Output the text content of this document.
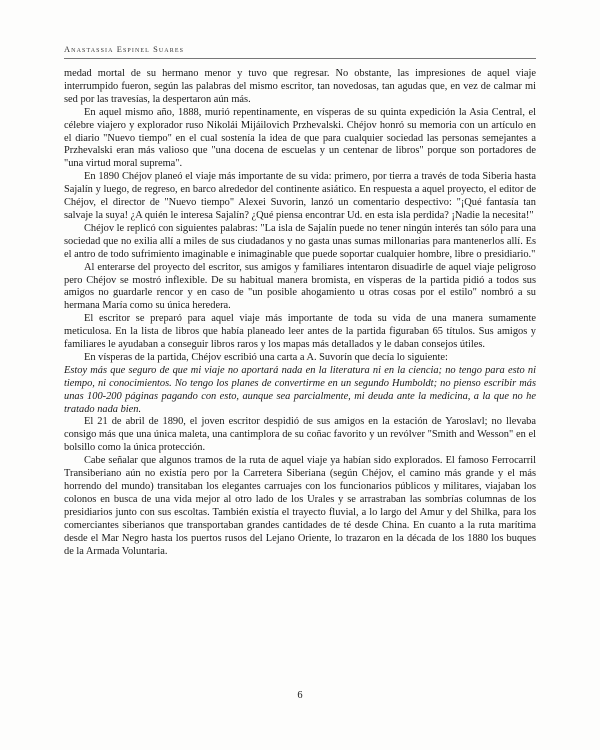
Anastassia Espinel Suares

medad mortal de su hermano menor y tuvo que regresar. No obstante, las impresiones de aquel viaje interrumpido fueron, según las palabras del mismo escritor, tan novedosas, tan agudas que, en vez de calmar mi sed por las travesías, la despertaron aún más.

En aquel mismo año, 1888, murió repentinamente, en vísperas de su quinta expedición la Asia Central, el célebre viajero y explorador ruso Nikolái Mijáilovich Przhevalski. Chéjov honró su memoria con un artículo en el diario "Nuevo tiempo" en el cual sostenía la idea de que para cualquier sociedad las personas semejantes a Przhevalski eran más valioso que "una docena de escuelas y un centenar de libros" porque son portadores de "una virtud moral suprema".

En 1890 Chéjov planeó el viaje más importante de su vida: primero, por tierra a través de toda Siberia hasta Sajalín y luego, de regreso, en barco alrededor del continente asiático. En respuesta a aquel proyecto, el editor de Chéjov, el director de "Nuevo tiempo" Alexei Suvorin, lanzó un comentario despectivo: "¡Qué fantasía tan salvaje la suya! ¿A quién le interesa Sajalín? ¿Qué piensa encontrar Ud. en esta isla perdida? ¡Nadie la necesita!"

Chéjov le replicó con siguientes palabras: "La isla de Sajalín puede no tener ningún interés tan sólo para una sociedad que no exilia allí a miles de sus ciudadanos y no gasta unas sumas millonarias para mantenerlos allí. Es el antro de todo sufrimiento imaginable e inimaginable que puede soportar cualquier hombre, libre o presidiario."

Al enterarse del proyecto del escritor, sus amigos y familiares intentaron disuadirle de aquel viaje peligroso pero Chéjov se mostró inflexible. De su habitual manera bromista, en vísperas de la partida pidió a todos sus amigos no guardarle rencor y en caso de "un posible ahogamiento u otras cosas por el estilo" nombró a su hermana María como su única heredera.

El escritor se preparó para aquel viaje más importante de toda su vida de una manera sumamente meticulosa. En la lista de libros que había planeado leer antes de la partida figuraban 65 títulos. Sus amigos y familiares le ayudaban a conseguir libros raros y los mapas más detallados y le daban consejos útiles.

En vísperas de la partida, Chéjov escribió una carta a A. Suvorín que decía lo siguiente:

Estoy más que seguro de que mi viaje no aportará nada en la literatura ni en la ciencia; no tengo para esto ni tiempo, ni conocimientos. No tengo los planes de convertirme en un segundo Humboldt; no pienso escribir más unas 100-200 páginas pagando con esto, aunque sea parcialmente, mi deuda ante la medicina, a la que no he tratado nada bien.

El 21 de abril de 1890, el joven escritor despidió de sus amigos en la estación de Yaroslavl; no llevaba consigo más que una única maleta, una cantimplora de su coñac favorito y un revólver "Smith and Wesson" en el bolsillo como la única protección.

Cabe señalar que algunos tramos de la ruta de aquel viaje ya habían sido explorados. El famoso Ferrocarril Transiberiano aún no existía pero por la Carretera Siberiana (según Chéjov, el camino más grande y el más horrendo del mundo) transitaban los elegantes carruajes con los funcionarios públicos y militares, viajaban los colonos en busca de una vida mejor al otro lado de los Urales y se arrastraban las sombrías columnas de los presidiarios junto con sus escoltas. También existía el trayecto fluvial, a lo largo del Amur y del Shilka, para los comerciantes siberianos que transportaban grandes cantidades de té desde China. En cuanto a la ruta marítima desde el Mar Negro hasta los puertos rusos del Lejano Oriente, lo trazaron en la década de los 1880 los buques de la Armada Voluntaria.

6
